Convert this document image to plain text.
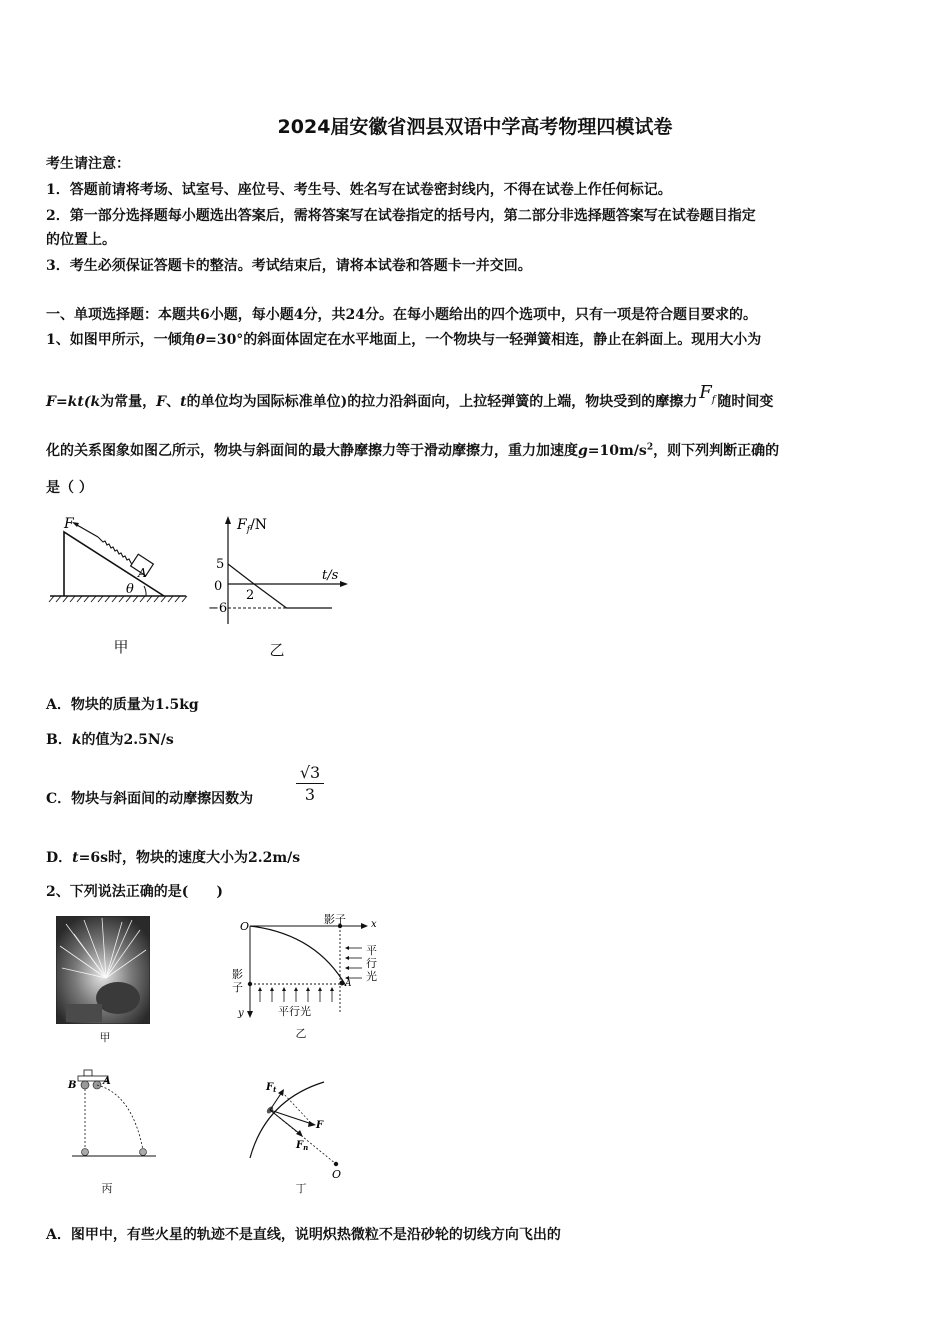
2024届安徽省泗县双语中学高考物理四模试卷
考生请注意：
1．答题前请将考场、试室号、座位号、考生号、姓名写在试卷密封线内，不得在试卷上作任何标记。
2．第一部分选择题每小题选出答案后，需将答案写在试卷指定的括号内，第二部分非选择题答案写在试卷题目指定
的位置上。
3．考生必须保证答题卡的整洁。考试结束后，请将本试卷和答题卡一并交回。
一、单项选择题：本题共6小题，每小题4分，共24分。在每小题给出的四个选项中，只有一项是符合题目要求的。
1、如图甲所示，一倾角θ=30°的斜面体固定在水平地面上，一个物块与一轻弹簧相连，静止在斜面上。现用大小为
F=kt(k为常量，F、t的单位均为国际标准单位)的拉力沿斜面向，上拉轻弹簧的上端，物块受到的摩擦力 $F_f$ 随时间变
化的关系图象如图乙所示，物块与斜面间的最大静摩擦力等于滑动摩擦力，重力加速度$g=10m/s^2$，则下列判断正确的
是（ ）
F
A
θ
甲
$F_f/N$
t/s
5
0
−6
2
乙
A．物块的质量为1.5kg
B．k的值为2.5N/s
C．物块与斜面间的动摩擦因数为	$\frac{√3}{3}$
D．t=6s时，物块的速度大小为2.2m/s
2、下列说法正确的是(　　)
甲
O
影子	x
平
行
光
影
子
y	平行光
A
乙
B	A
丙
$F_t$
F
$F_n$
O
丁
A．图甲中，有些火星的轨迹不是直线，说明炽热微粒不是沿砂轮的切线方向飞出的
